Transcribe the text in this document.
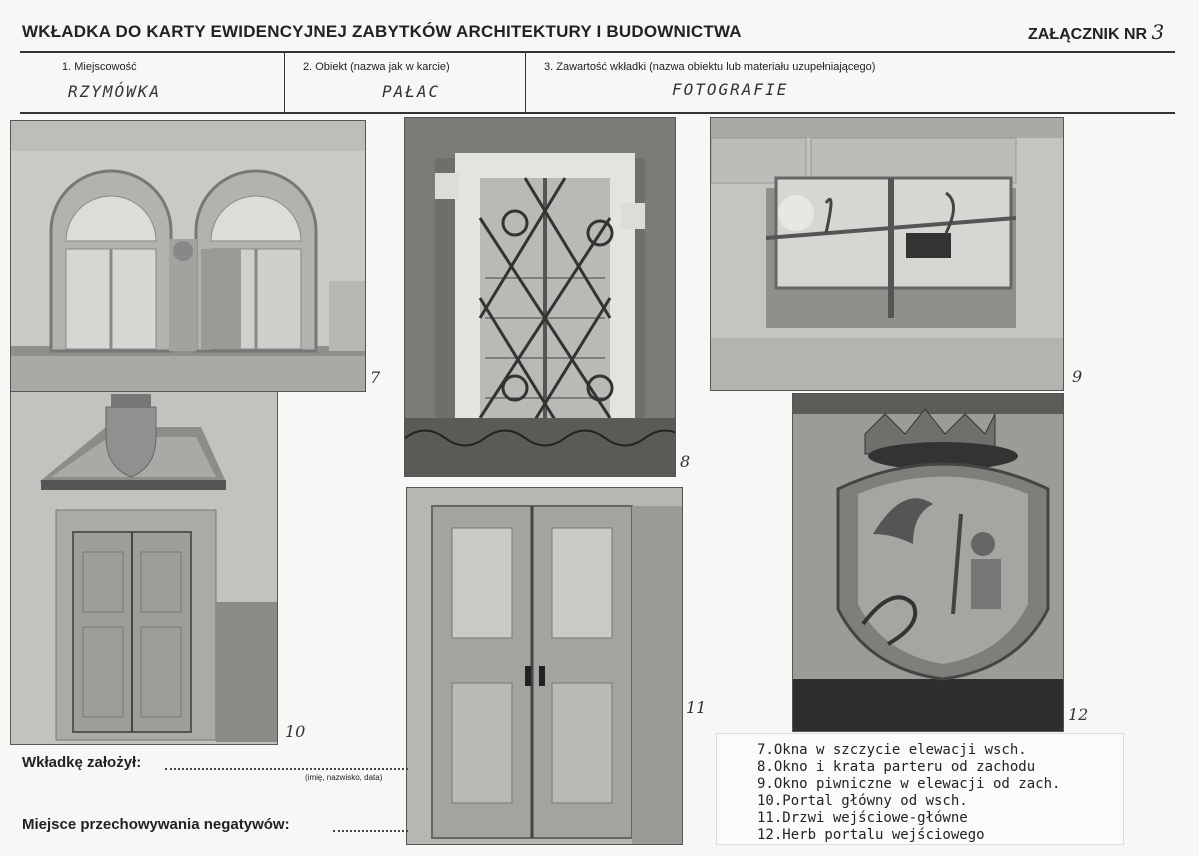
WKŁADKA DO KARTY EWIDENCYJNEJ ZABYTKÓW ARCHITEKTURY I BUDOWNICTWA	ZAŁĄCZNIK NR 3
1. Miejscowość
RZYMÓWKA
2. Obiekt (nazwa jak w karcie)
PAŁAC
3. Zawartość wkładki (nazwa obiektu lub materiału uzupełniającego)
FOTOGRAFIE
7
8
9
10
11	12
Wkładkę założył:
(imię, nazwisko, data)
Miejsce przechowywania negatywów:
7.Okna w szczycie elewacji wsch.
8.Okno i krata parteru od zachodu
9.Okno piwniczne w elewacji od zach.
10.Portal główny od wsch.
11.Drzwi wejściowe-główne
12.Herb portalu wejściowego
